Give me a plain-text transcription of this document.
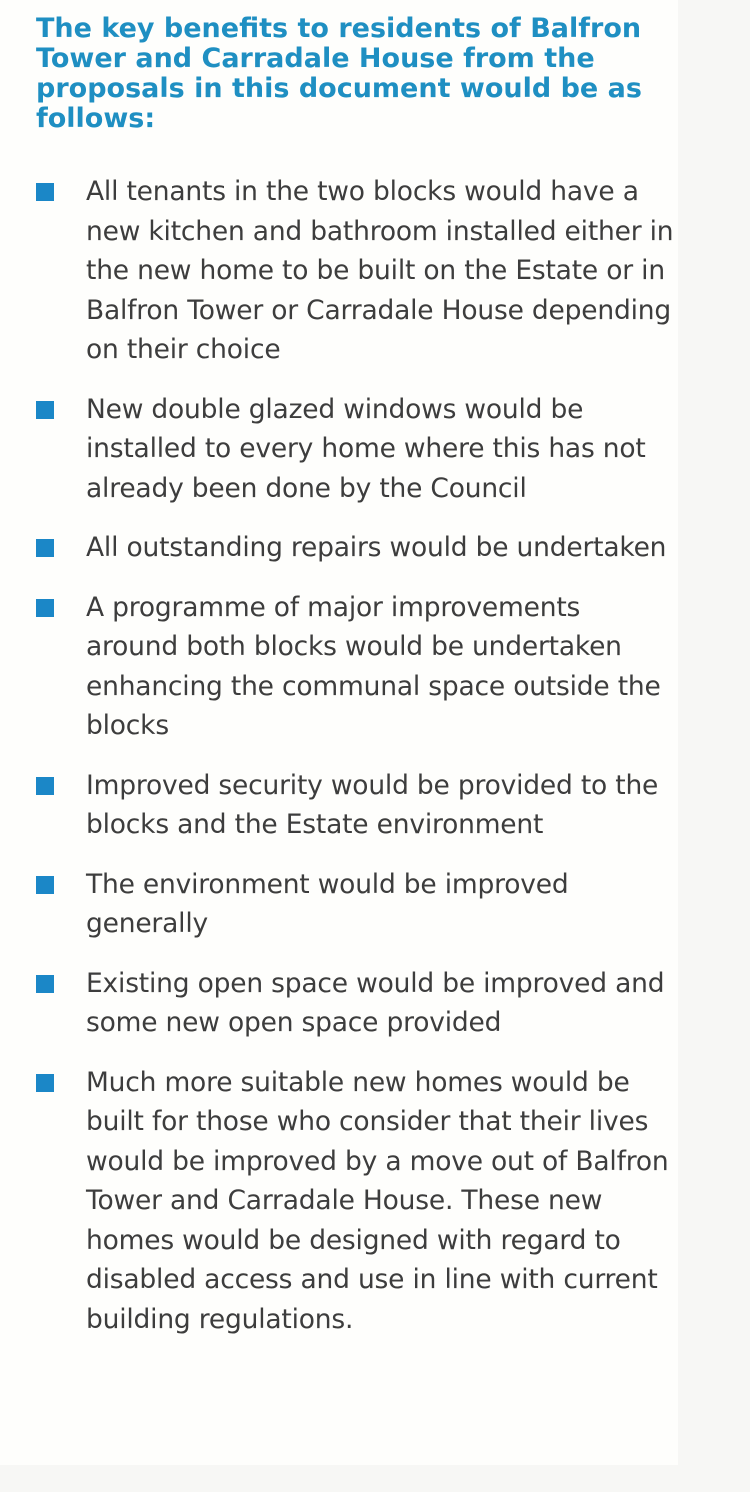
The key benefits to residents of Balfron Tower and Carradale House from the proposals in this document would be as follows:
All tenants in the two blocks would have a new kitchen and bathroom installed either in the new home to be built on the Estate or in Balfron Tower or Carradale House depending on their choice
New double glazed windows would be installed to every home where this has not already been done by the Council
All outstanding repairs would be undertaken
A programme of major improvements around both blocks would be undertaken enhancing the communal space outside the blocks
Improved security would be provided to the blocks and the Estate environment
The environment would be improved generally
Existing open space would be improved and some new open space provided
Much more suitable new homes would be built for those who consider that their lives would be improved by a move out of Balfron Tower and Carradale House. These new homes would be designed with regard to disabled access and use in line with current building regulations.
